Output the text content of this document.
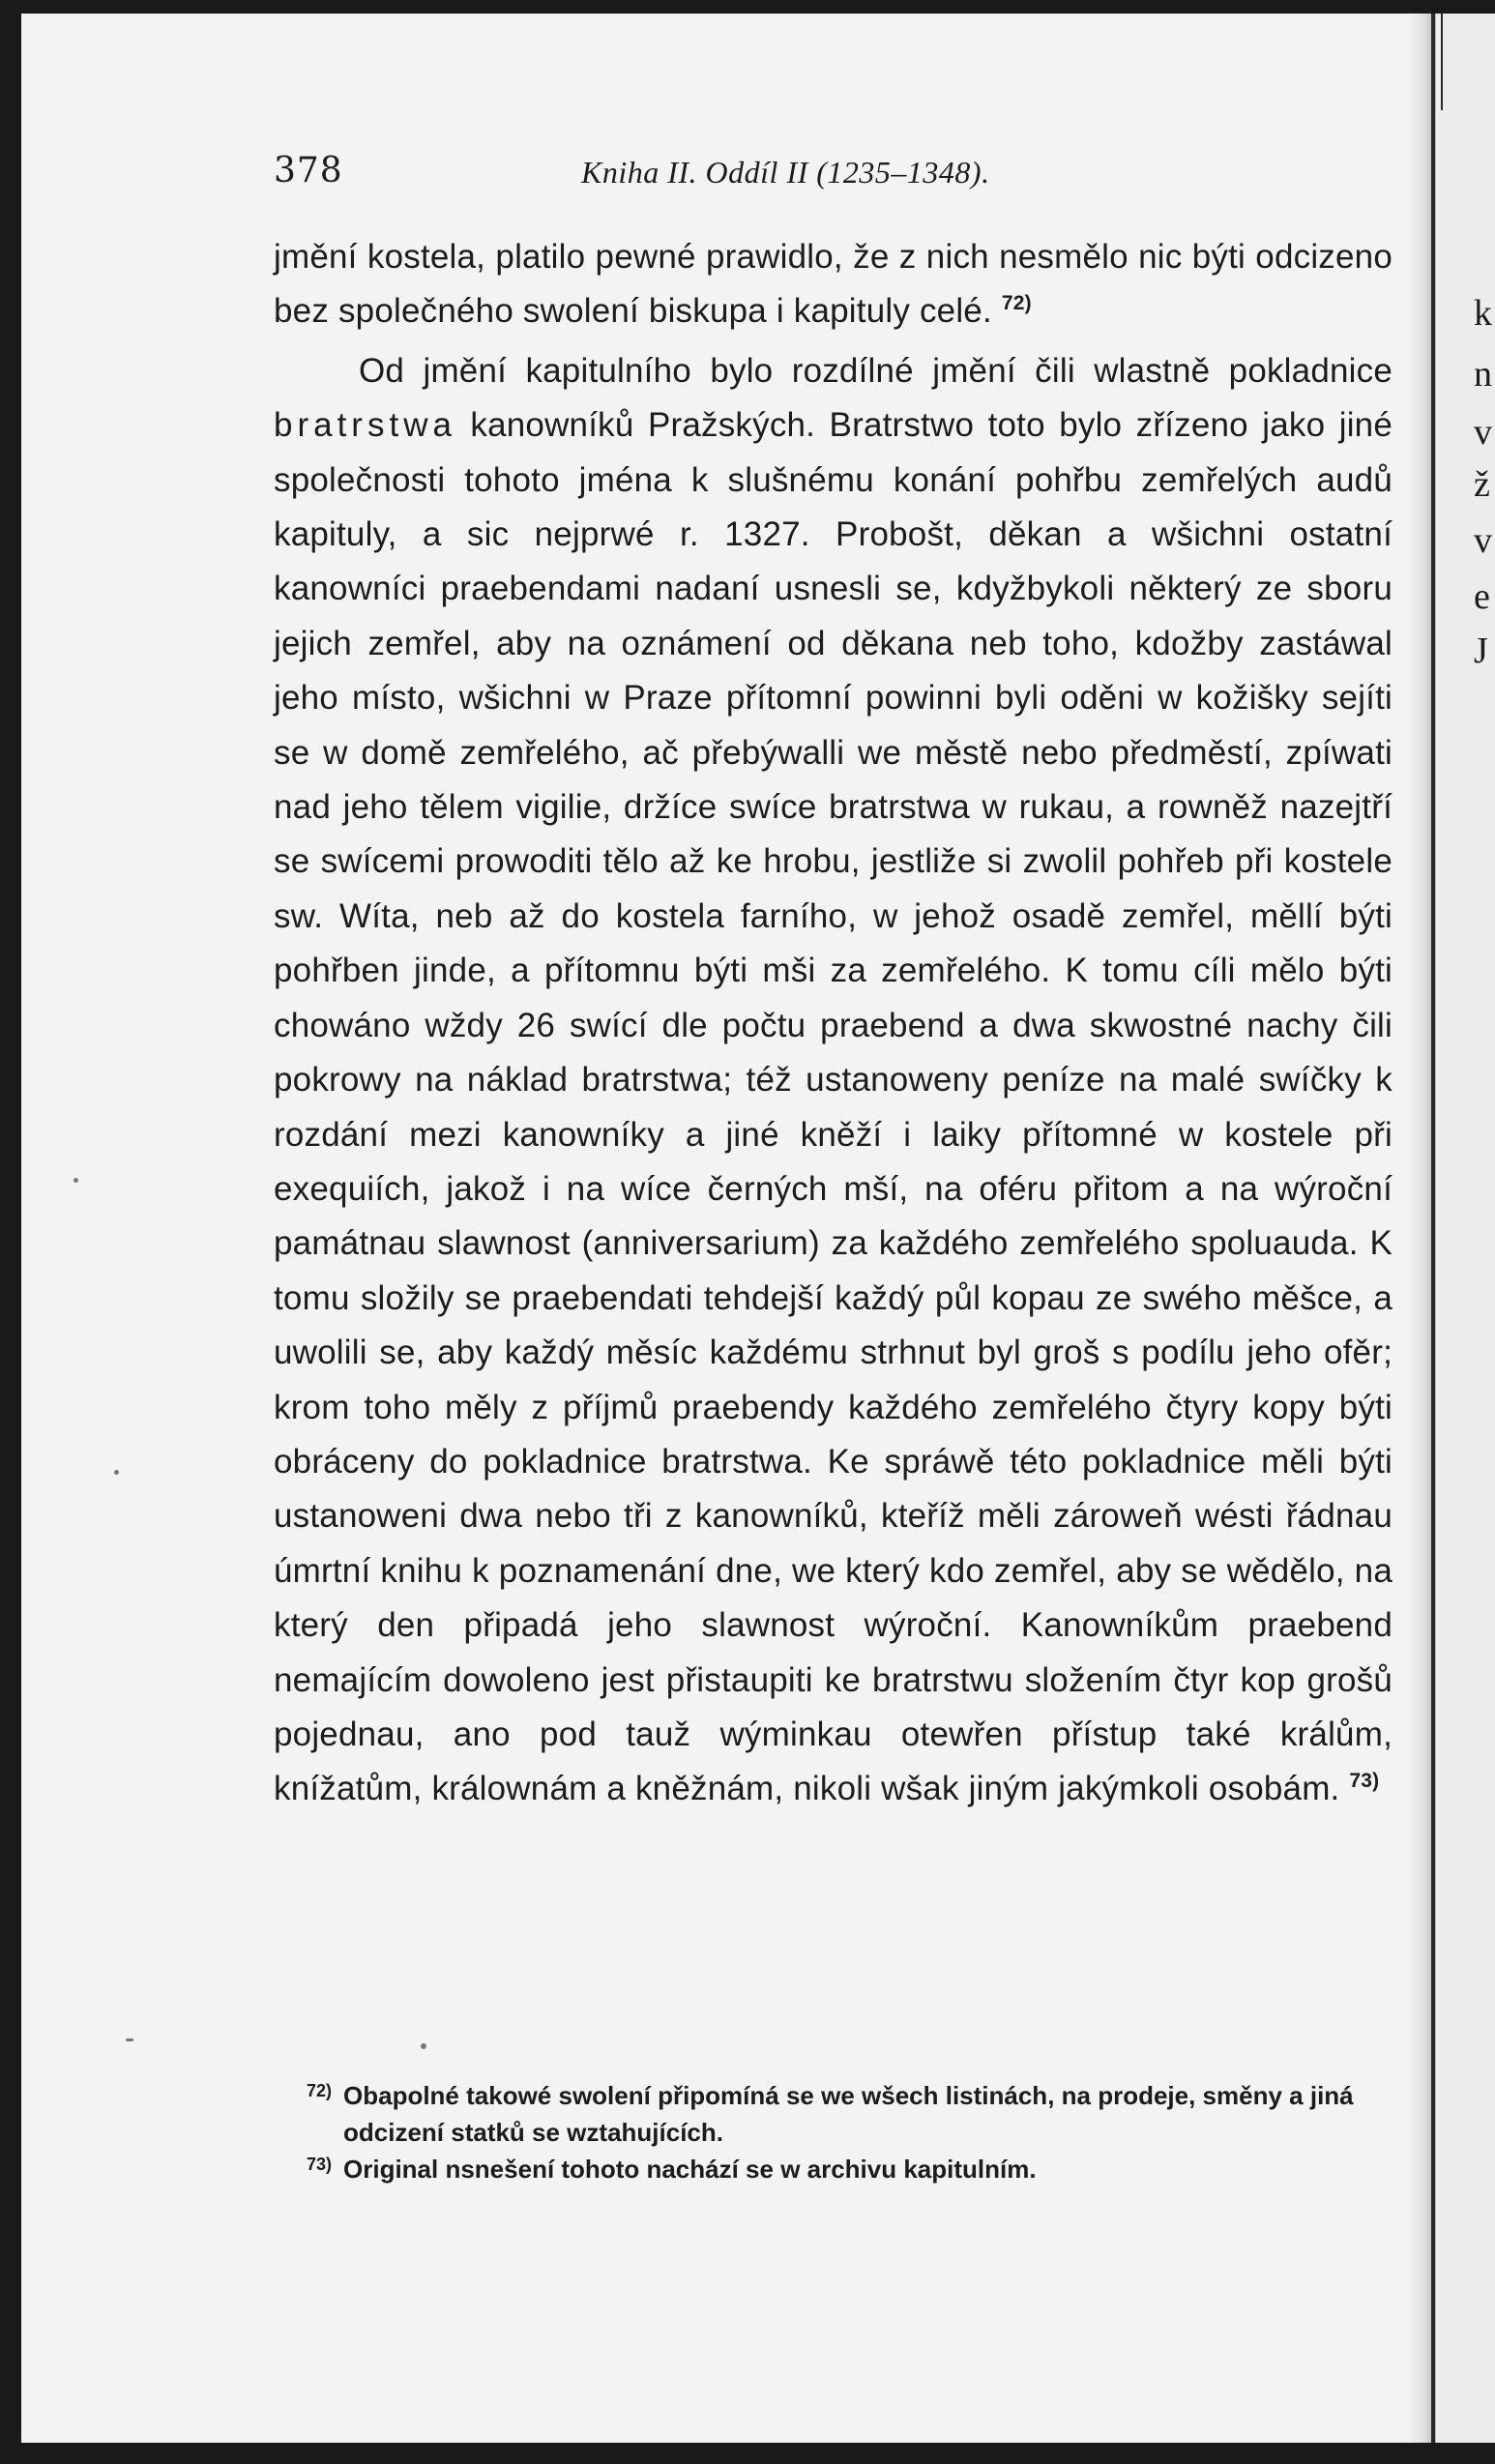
k
n
v
ž
v
e
J
378	Kniha II. Oddíl II (1235–1348).

jmění kostela, platilo pewné prawidlo, že z nich nesmělo nic býti odcizeno bez společného swolení biskupa i kapituly celé. $^{72)}$

Od jmění kapitulního bylo rozdílné jmění čili wlastně pokladnice bratrstwa kanowníků Pražských. Bratrstwo toto bylo zřízeno jako jiné společnosti tohoto jména k slušnému konání pohřbu zemřelých audů kapituly, a sic nejprwé r. 1327. Probošt, děkan a wšichni ostatní kanowníci praebendami nadaní usnesli se, kdyžbykoli některý ze sboru jejich zemřel, aby na oznámení od děkana neb toho, kdožby zastáwal jeho místo, wšichni w Praze přítomní powinni byli oděni w kožišky sejíti se w domě zemřelého, ač přebýwalli we městě nebo předměstí, zpíwati nad jeho tělem vigilie, držíce swíce bratrstwa w rukau, a rowněž nazejtří se swícemi prowoditi tělo až ke hrobu, jestliže si zwolil pohřeb při kostele sw. Wíta, neb až do kostela farního, w jehož osadě zemřel, měllí býti pohřben jinde, a přítomnu býti mši za zemřelého. K tomu cíli mělo býti chowáno wždy 26 swící dle počtu praebend a dwa skwostné nachy čili pokrowy na náklad bratrstwa; též ustanoweny peníze na malé swíčky k rozdání mezi kanowníky a jiné kněží i laiky přítomné w kostele při exequiích, jakož i na wíce černých mší, na oféru přitom a na wýroční památnau slawnost (anniversarium) za každého zemřelého spoluauda. K tomu složily se praebendati tehdejší každý půl kopau ze swého měšce, a uwolili se, aby každý měsíc každému strhnut byl groš s podílu jeho ofěr; krom toho měly z příjmů praebendy každého zemřelého čtyry kopy býti obráceny do pokladnice bratrstwa. Ke spráwě této pokladnice měli býti ustanoweni dwa nebo tři z kanowníků, kteříž měli zároweň wésti řádnau úmrtní knihu k poznamenání dne, we který kdo zemřel, aby se wědělo, na který den připadá jeho slawnost wýroční. Kanowníkům praebend nemajícím dowoleno jest přistaupiti ke bratrstwu složením čtyr kop grošů pojednau, ano pod tauž wýminkau otewřen přístup také králům, knížatům, králownám a kněžnám, nikoli wšak jiným jakýmkoli osobám. $^{73)}$

$^{72)}$ Obapolné takowé swolení připomíná se we wšech listinách, na prodeje, směny a jiná odcizení statků se wztahujících.
$^{73)}$ Original nsnešení tohoto nachází se w archivu kapitulním.
